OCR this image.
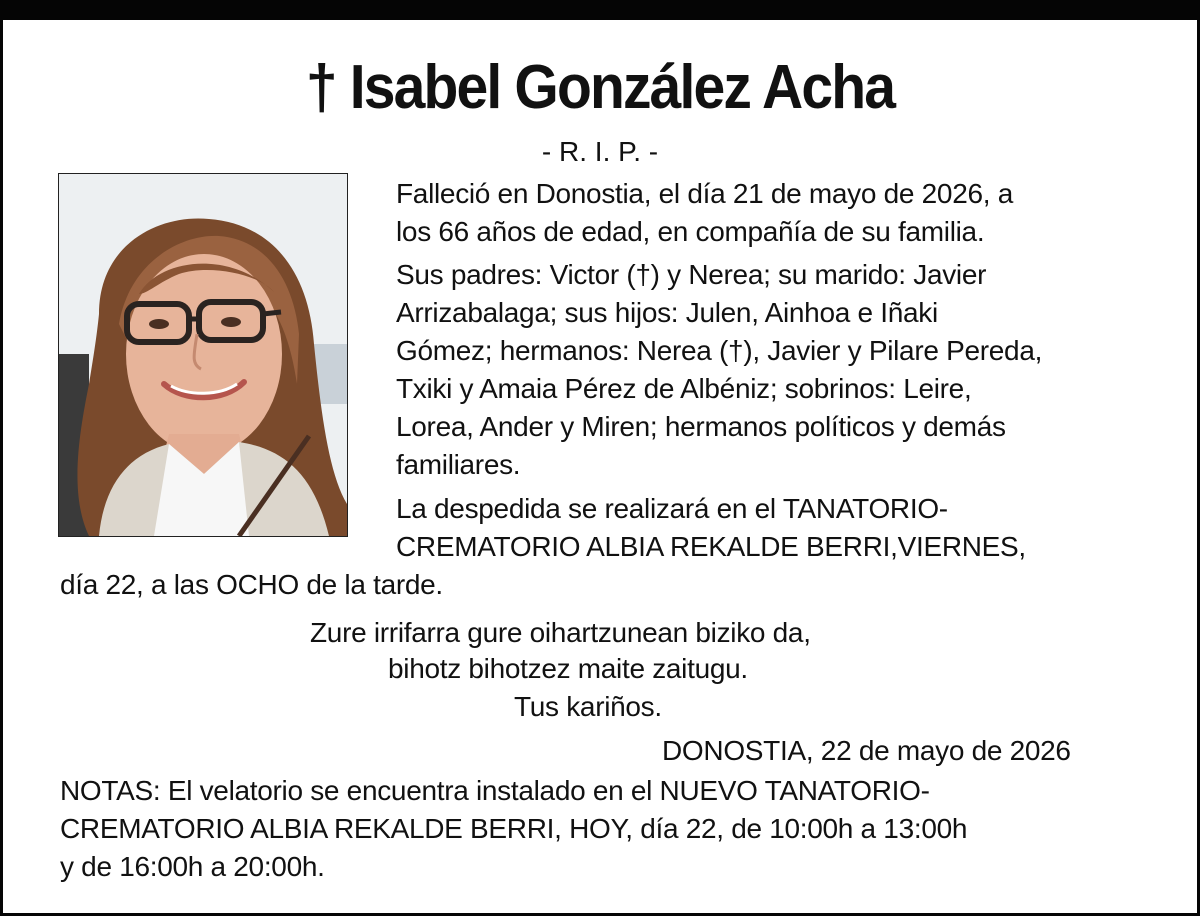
† Isabel González Acha
- R. I. P. -
Falleció en Donostia, el día 21 de mayo de 2026, a
los 66 años de edad, en compañía de su familia.
Sus padres: Victor (†) y Nerea; su marido: Javier
Arrizabalaga; sus hijos: Julen, Ainhoa e Iñaki
Gómez; hermanos: Nerea (†), Javier y Pilare Pereda,
Txiki y Amaia Pérez de Albéniz; sobrinos: Leire,
Lorea, Ander y Miren; hermanos políticos y demás
familiares.
La despedida se realizará en el TANATORIO-
CREMATORIO ALBIA REKALDE BERRI,VIERNES,
día 22, a las OCHO de la tarde.
Zure irrifarra gure oihartzunean biziko da,
bihotz bihotzez maite zaitugu.
Tus kariños.
DONOSTIA, 22 de mayo de 2026
NOTAS: El velatorio se encuentra instalado en el NUEVO TANATORIO-
CREMATORIO ALBIA REKALDE BERRI, HOY, día 22, de 10:00h a 13:00h
y de 16:00h a 20:00h.
